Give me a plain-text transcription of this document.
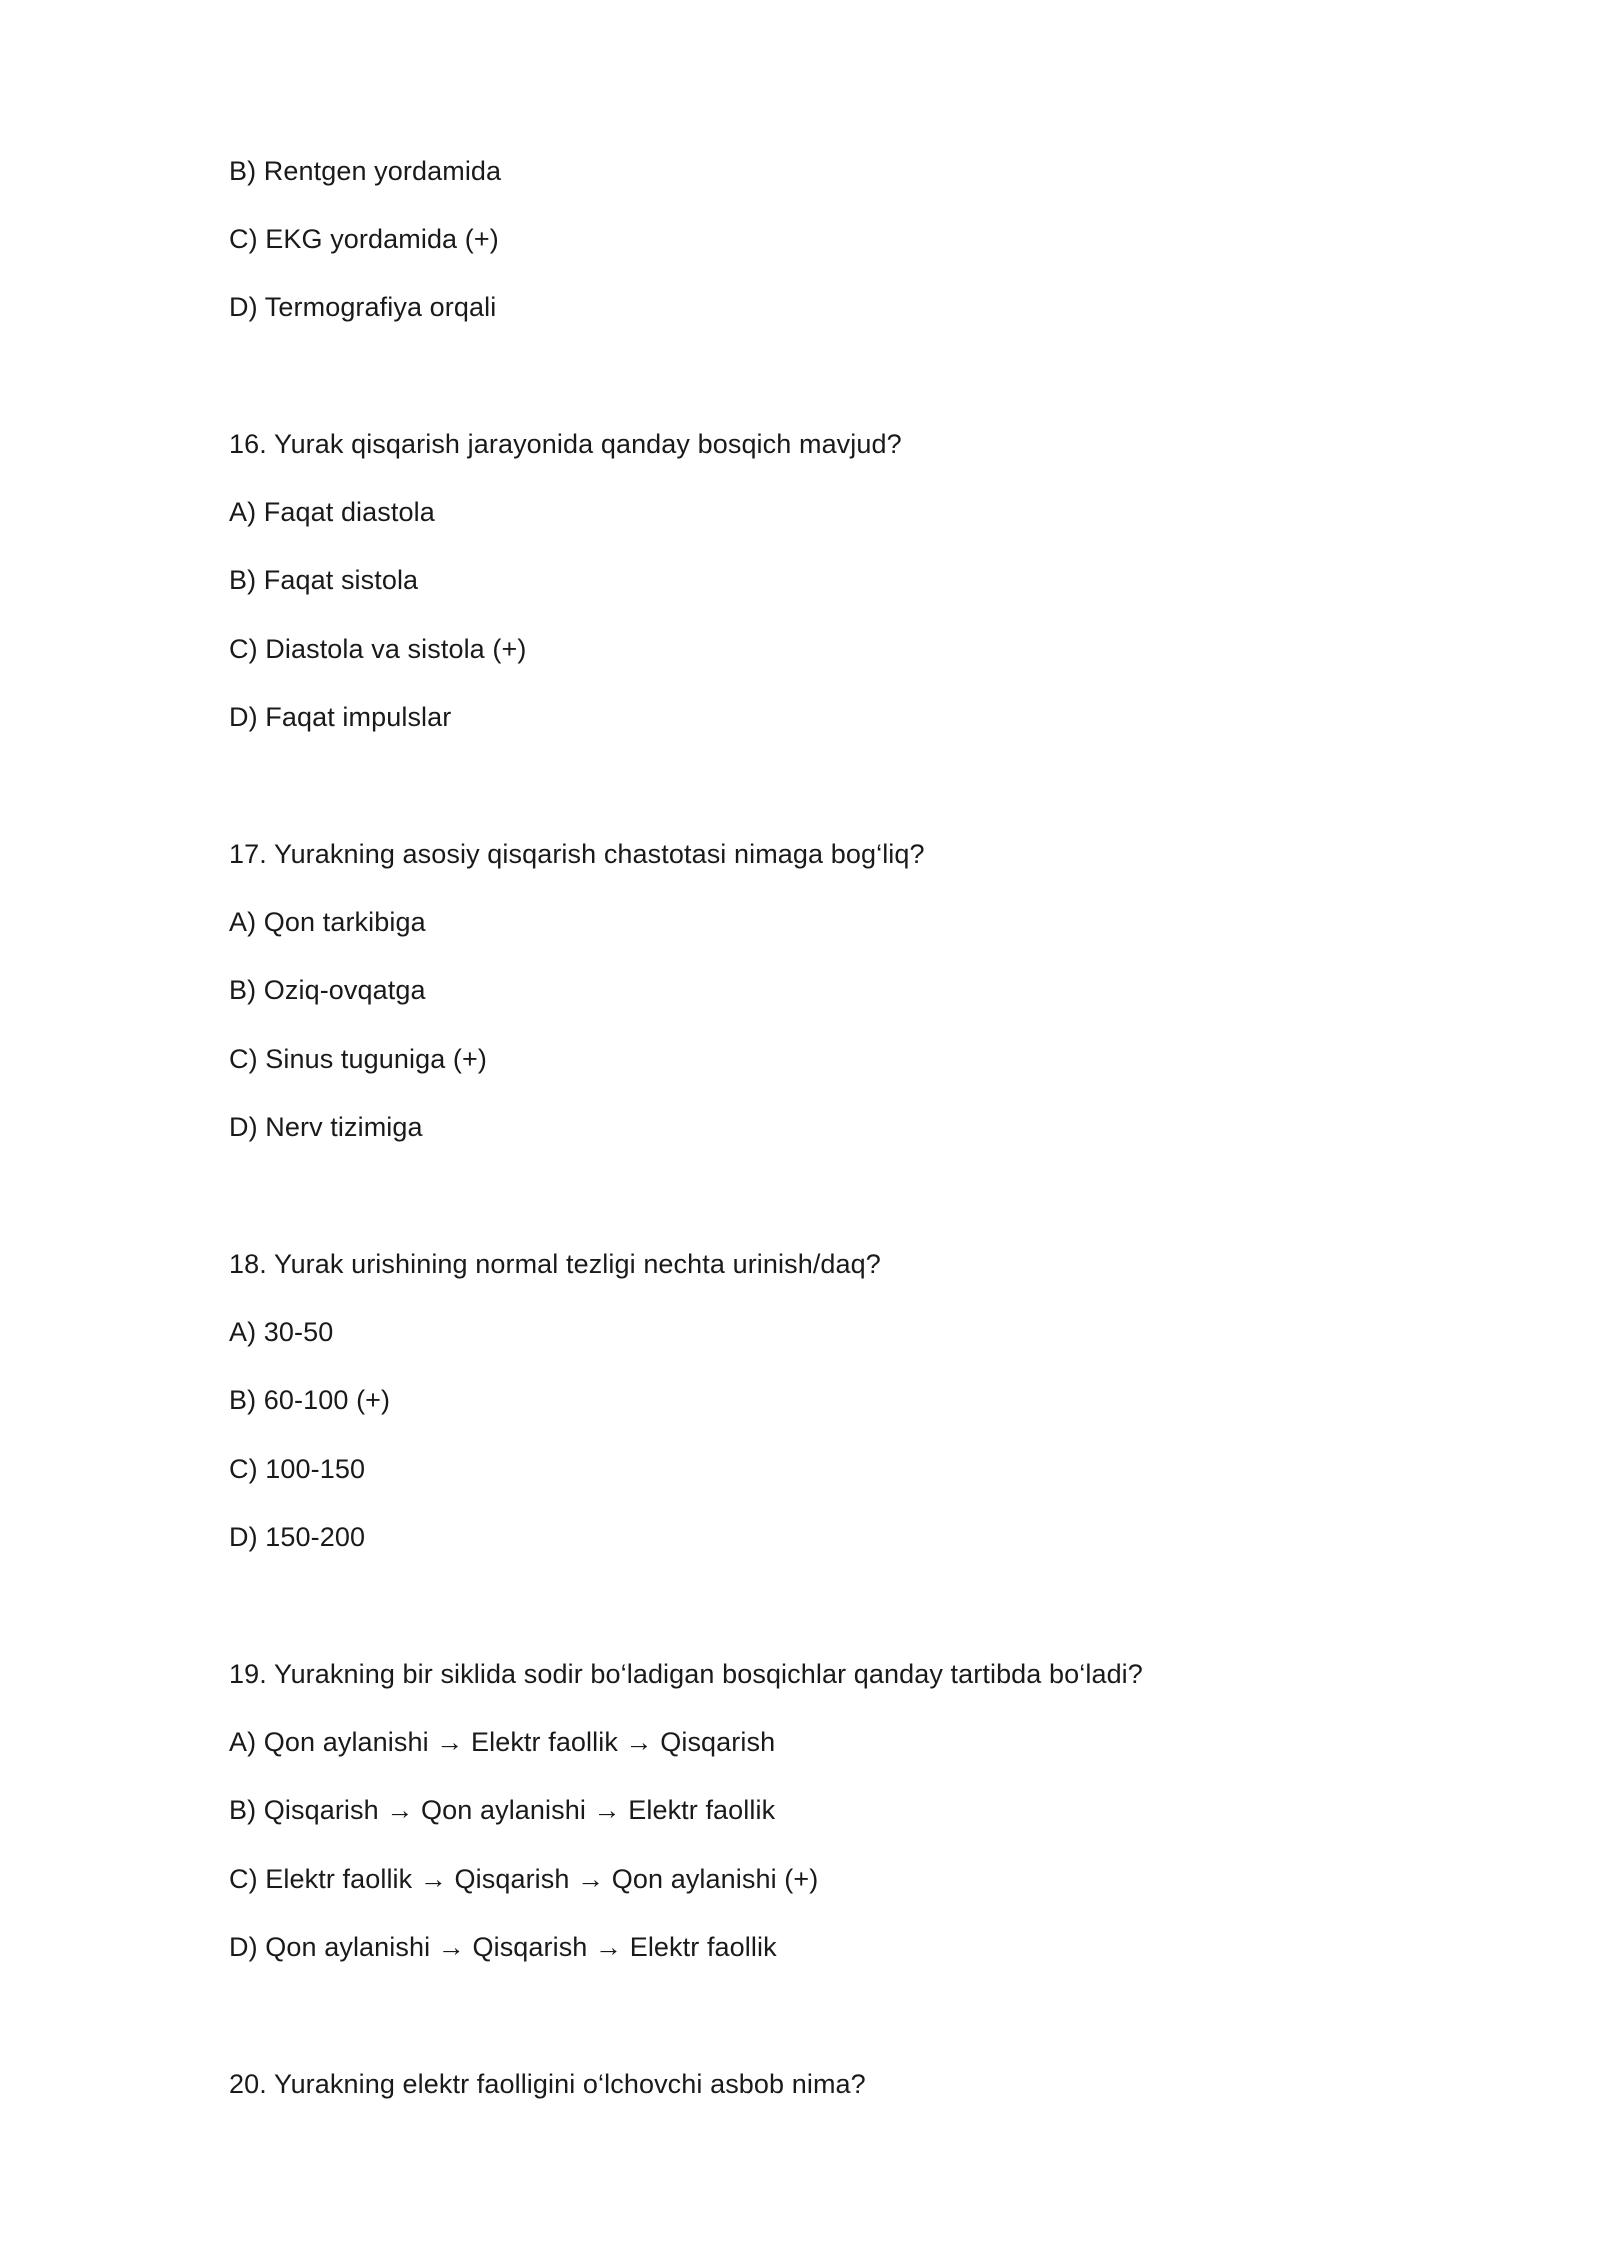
B) Rentgen yordamida
C) EKG yordamida (+)
D) Termografiya orqali
16. Yurak qisqarish jarayonida qanday bosqich mavjud?
A) Faqat diastola
B) Faqat sistola
C) Diastola va sistola (+)
D) Faqat impulslar
17. Yurakning asosiy qisqarish chastotasi nimaga bog‘liq?
A) Qon tarkibiga
B) Oziq-ovqatga
C) Sinus tuguniga (+)
D) Nerv tizimiga
18. Yurak urishining normal tezligi nechta urinish/daq?
A) 30-50
B) 60-100 (+)
C) 100-150
D) 150-200
19. Yurakning bir siklida sodir bo‘ladigan bosqichlar qanday tartibda bo‘ladi?
A) Qon aylanishi → Elektr faollik → Qisqarish
B) Qisqarish → Qon aylanishi → Elektr faollik
C) Elektr faollik → Qisqarish → Qon aylanishi (+)
D) Qon aylanishi → Qisqarish → Elektr faollik
20. Yurakning elektr faolligini o‘lchovchi asbob nima?
